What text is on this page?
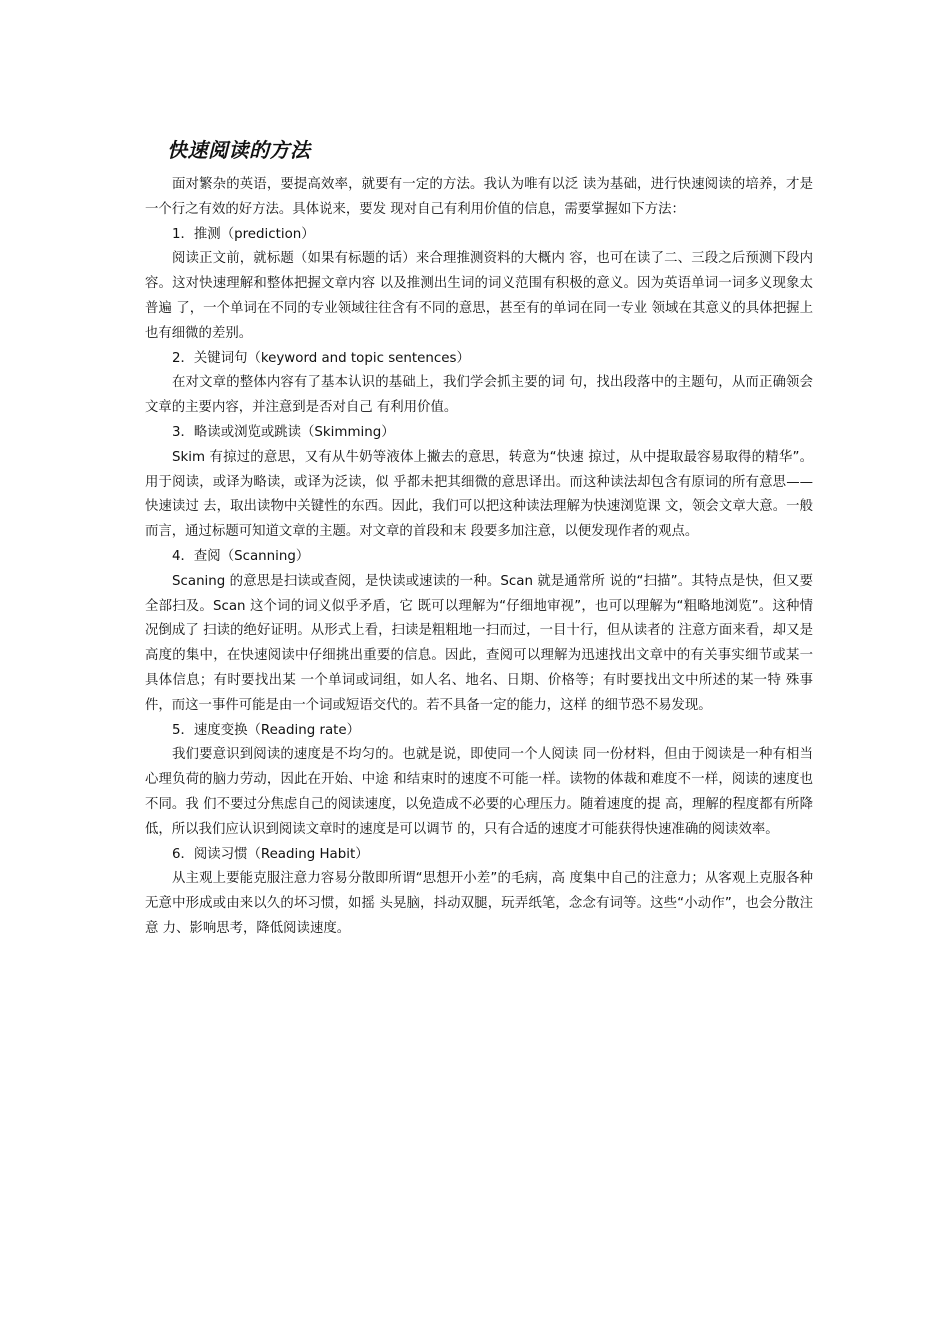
快速阅读的方法

面对繁杂的英语，要提高效率，就要有一定的方法。我认为唯有以泛 读为基础，进行快速阅读的培养，才是一个行之有效的好方法。具体说来，要发 现对自己有利用价值的信息，需要掌握如下方法：

1．推测（prediction）

阅读正文前，就标题（如果有标题的话）来合理推测资料的大概内 容，也可在读了二、三段之后预测下段内容。这对快速理解和整体把握文章内容 以及推测出生词的词义范围有积极的意义。因为英语单词一词多义现象太普遍 了，一个单词在不同的专业领域往往含有不同的意思，甚至有的单词在同一专业 领域在其意义的具体把握上也有细微的差别。

2．关键词句（keyword and topic sentences）

在对文章的整体内容有了基本认识的基础上，我们学会抓主要的词 句，找出段落中的主题句，从而正确领会文章的主要内容，并注意到是否对自己 有利用价值。

3．略读或浏览或跳读（Skimming）

Skim 有掠过的意思，又有从牛奶等液体上撇去的意思，转意为“快速 掠过，从中提取最容易取得的精华”。用于阅读，或译为略读，或译为泛读，似 乎都未把其细微的意思译出。而这种读法却包含有原词的所有意思——快速读过 去，取出读物中关键性的东西。因此，我们可以把这种读法理解为快速浏览课 文，领会文章大意。一般而言，通过标题可知道文章的主题。对文章的首段和末 段要多加注意，以便发现作者的观点。

4．查阅（Scanning）

Scaning 的意思是扫读或查阅，是快读或速读的一种。Scan 就是通常所 说的“扫描”。其特点是快，但又要全部扫及。Scan 这个词的词义似乎矛盾，它 既可以理解为“仔细地审视”，也可以理解为“粗略地浏览”。这种情况倒成了 扫读的绝好证明。从形式上看，扫读是粗粗地一扫而过，一目十行，但从读者的 注意方面来看，却又是高度的集中，在快速阅读中仔细挑出重要的信息。因此，查阅可以理解为迅速找出文章中的有关事实细节或某一具体信息；有时要找出某 一个单词或词组，如人名、地名、日期、价格等；有时要找出文中所述的某一特 殊事件，而这一事件可能是由一个词或短语交代的。若不具备一定的能力，这样 的细节恐不易发现。

5．速度变换（Reading rate）

我们要意识到阅读的速度是不均匀的。也就是说，即使同一个人阅读 同一份材料，但由于阅读是一种有相当心理负荷的脑力劳动，因此在开始、中途 和结束时的速度不可能一样。读物的体裁和难度不一样，阅读的速度也不同。我 们不要过分焦虑自己的阅读速度，以免造成不必要的心理压力。随着速度的提 高，理解的程度都有所降低，所以我们应认识到阅读文章时的速度是可以调节 的，只有合适的速度才可能获得快速准确的阅读效率。

6．阅读习惯（Reading Habit）

从主观上要能克服注意力容易分散即所谓“思想开小差”的毛病，高 度集中自己的注意力；从客观上克服各种无意中形成或由来以久的坏习惯，如摇 头晃脑，抖动双腿，玩弄纸笔，念念有词等。这些“小动作”，也会分散注意 力、影响思考，降低阅读速度。
